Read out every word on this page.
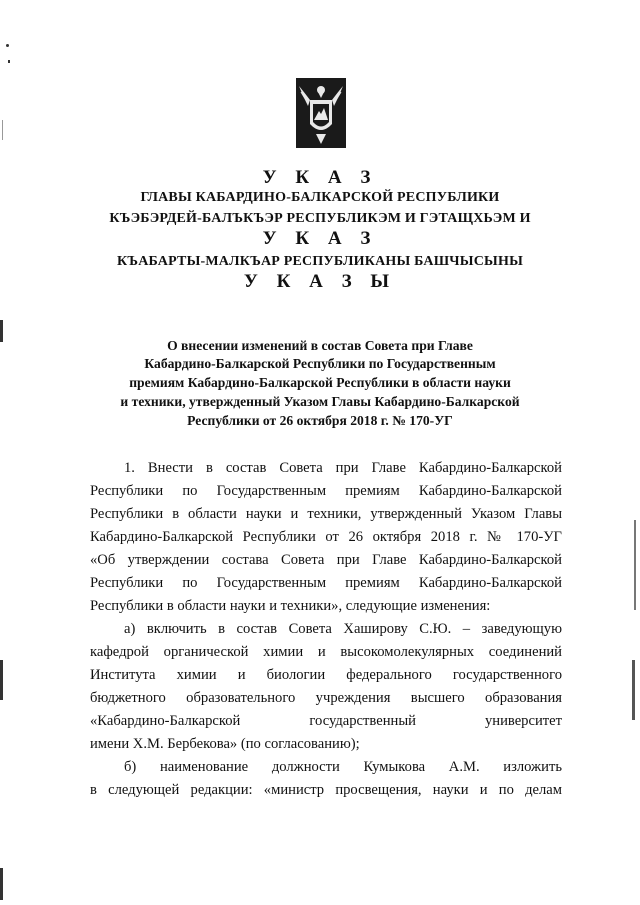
У К А З
ГЛАВЫ КАБАРДИНО-БАЛКАРСКОЙ РЕСПУБЛИКИ
КЪЭБЭРДЕЙ-БАЛЪКЪЭР РЕСПУБЛИКЭМ И ГЭТАЩХЬЭМ И
У К А З
КЪАБАРТЫ-МАЛКЪАР РЕСПУБЛИКАНЫ БАШЧЫСЫНЫ
У К А З Ы
О внесении изменений в состав Совета при Главе
Кабардино-Балкарской Республики по Государственным
премиям Кабардино-Балкарской Республики в области науки
и техники, утвержденный Указом Главы Кабардино-Балкарской
Республики от 26 октября 2018 г. № 170-УГ
1. Внести в состав Совета при Главе Кабардино-Балкарской
Республики по Государственным премиям Кабардино-Балкарской
Республики в области науки и техники, утвержденный Указом Главы
Кабардино-Балкарской Республики от 26 октября 2018 г. № 170-УГ
«Об утверждении состава Совета при Главе Кабардино-Балкарской
Республики по Государственным премиям Кабардино-Балкарской
Республики в области науки и техники», следующие изменения:
а) включить в состав Совета Хаширову С.Ю. – заведующую
кафедрой органической химии и высокомолекулярных соединений
Института химии и биологии федерального государственного
бюджетного образовательного учреждения высшего образования
«Кабардино-Балкарской государственный университет
имени Х.М. Бербекова» (по согласованию);
б) наименование должности Кумыкова А.М. изложить
в следующей редакции: «министр просвещения, науки и по делам
